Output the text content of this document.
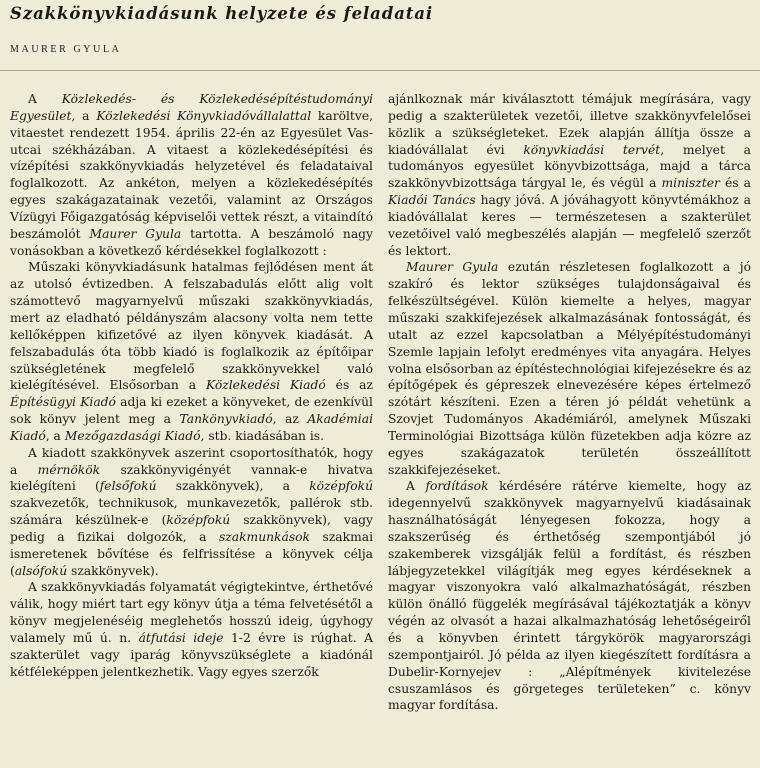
Szakkönyvkiadásunk helyzete és feladatai
MAURER GYULA

A Közlekedés- és Közlekedésépítéstudományi Egyesület, a Közlekedési Könyvkiadóvállalattal karöltve, vitaestet rendezett 1954. április 22-én az Egyesület Vas-utcai székházában. A vitaest a közlekedésépítési és vízépítési szakkönyvkiadás helyzetével és feladataival foglalkozott. Az ankéton, melyen a közlekedésépítés egyes szakágazatainak vezetői, valamint az Országos Vízügyi Főigazgatóság képviselői vettek részt, a vitaindító beszámolót Maurer Gyula tartotta. A beszámoló nagy vonásokban a következő kérdésekkel foglalkozott :

Műszaki könyvkiadásunk hatalmas fejlődésen ment át az utolsó évtizedben. A felszabadulás előtt alig volt számottevő magyarnyelvű műszaki szakkönyvkiadás, mert az eladható példányszám alacsony volta nem tette kellőképpen kifizetővé az ilyen könyvek kiadását. A felszabadulás óta több kiadó is foglalkozik az építőipar szükségletének megfelelő szakkönyvekkel való kielégítésével. Elsősorban a Közlekedési Kiadó és az Építésügyi Kiadó adja ki ezeket a könyveket, de ezenkívül sok könyv jelent meg a Tankönyvkiadó, az Akadémiai Kiadó, a Mezőgazdasági Kiadó, stb. kiadásában is.

A kiadott szakkönyvek aszerint csoportosíthatók, hogy a mérnökök szakkönyvigényét vannak-e hivatva kielégíteni (felsőfokú szakkönyvek), a középfokú szakvezetők, technikusok, munkavezetők, pallérok stb. számára készülnek-e (középfokú szakkönyvek), vagy pedig a fizikai dolgozók, a szakmunkások szakmai ismeretenek bővítése és felfrissítése a könyvek célja (alsófokú szakkönyvek).

A szakkönyvkiadás folyamatát végigtekintve, érthetővé válik, hogy miért tart egy könyv útja a téma felvetésétől a könyv megjelenéséig meglehetős hosszú ideig, úgyhogy valamely mű ú. n. átfutási ideje 1-2 évre is rúghat. A szakterület vagy iparág könyvszükséglete a kiadónál kétféleképpen jelentkezhetik. Vagy egyes szerzők

ajánlkoznak már kiválasztott témájuk megírására, vagy pedig a szakterületek vezetői, illetve szakkönyvfelelősei közlik a szükségleteket. Ezek alapján állítja össze a kiadóvállalat évi könyvkiadási tervét, melyet a tudományos egyesület könyvbizottsága, majd a tárca szakkönyvbizottsága tárgyal le, és végül a miniszter és a Kiadói Tanács hagy jóvá. A jóváhagyott könyvtémákhoz a kiadóvállalat keres — természetesen a szakterület vezetőivel való megbeszélés alapján — megfelelő szerzőt és lektort.

Maurer Gyula ezután részletesen foglalkozott a jó szakíró és lektor szükséges tulajdonságaival és felkészültségével. Külön kiemelte a helyes, magyar műszaki szakkifejezések alkalmazásának fontosságát, és utalt az ezzel kapcsolatban a Mélyépítéstudományi Szemle lapjain lefolyt eredményes vita anyagára. Helyes volna elsősorban az építéstechnológiai kifejezésekre és az építőgépek és gépreszek elnevezésére képes értelmező szótárt készíteni. Ezen a téren jó példát vehetünk a Szovjet Tudományos Akadémiáról, amelynek Műszaki Terminológiai Bizottsága külön füzetekben adja közre az egyes szakágazatok területén összeállított szakkifejezéseket.

A fordítások kérdésére rátérve kiemelte, hogy az idegennyelvű szakkönyvek magyarnyelvű kiadásainak használhatóságát lényegesen fokozza, hogy a szakszerűség és érthetőség szempontjából jó szakemberek vizsgálják felül a fordítást, és részben lábjegyzetekkel világítják meg egyes kérdéseknek a magyar viszonyokra való alkalmazhatóságát, részben külön önálló függelék megírásával tájékoztatják a könyv végén az olvasót a hazai alkalmazhatóság lehetőségeiről és a könyvben érintett tárgykörök magyarországi szempontjairól. Jó példa az ilyen kiegészített fordításra a Dubelir-Kornyejev : „Alépítmények kivitelezése csuszamlásos és görgeteges területeken” c. könyv magyar fordítása.
